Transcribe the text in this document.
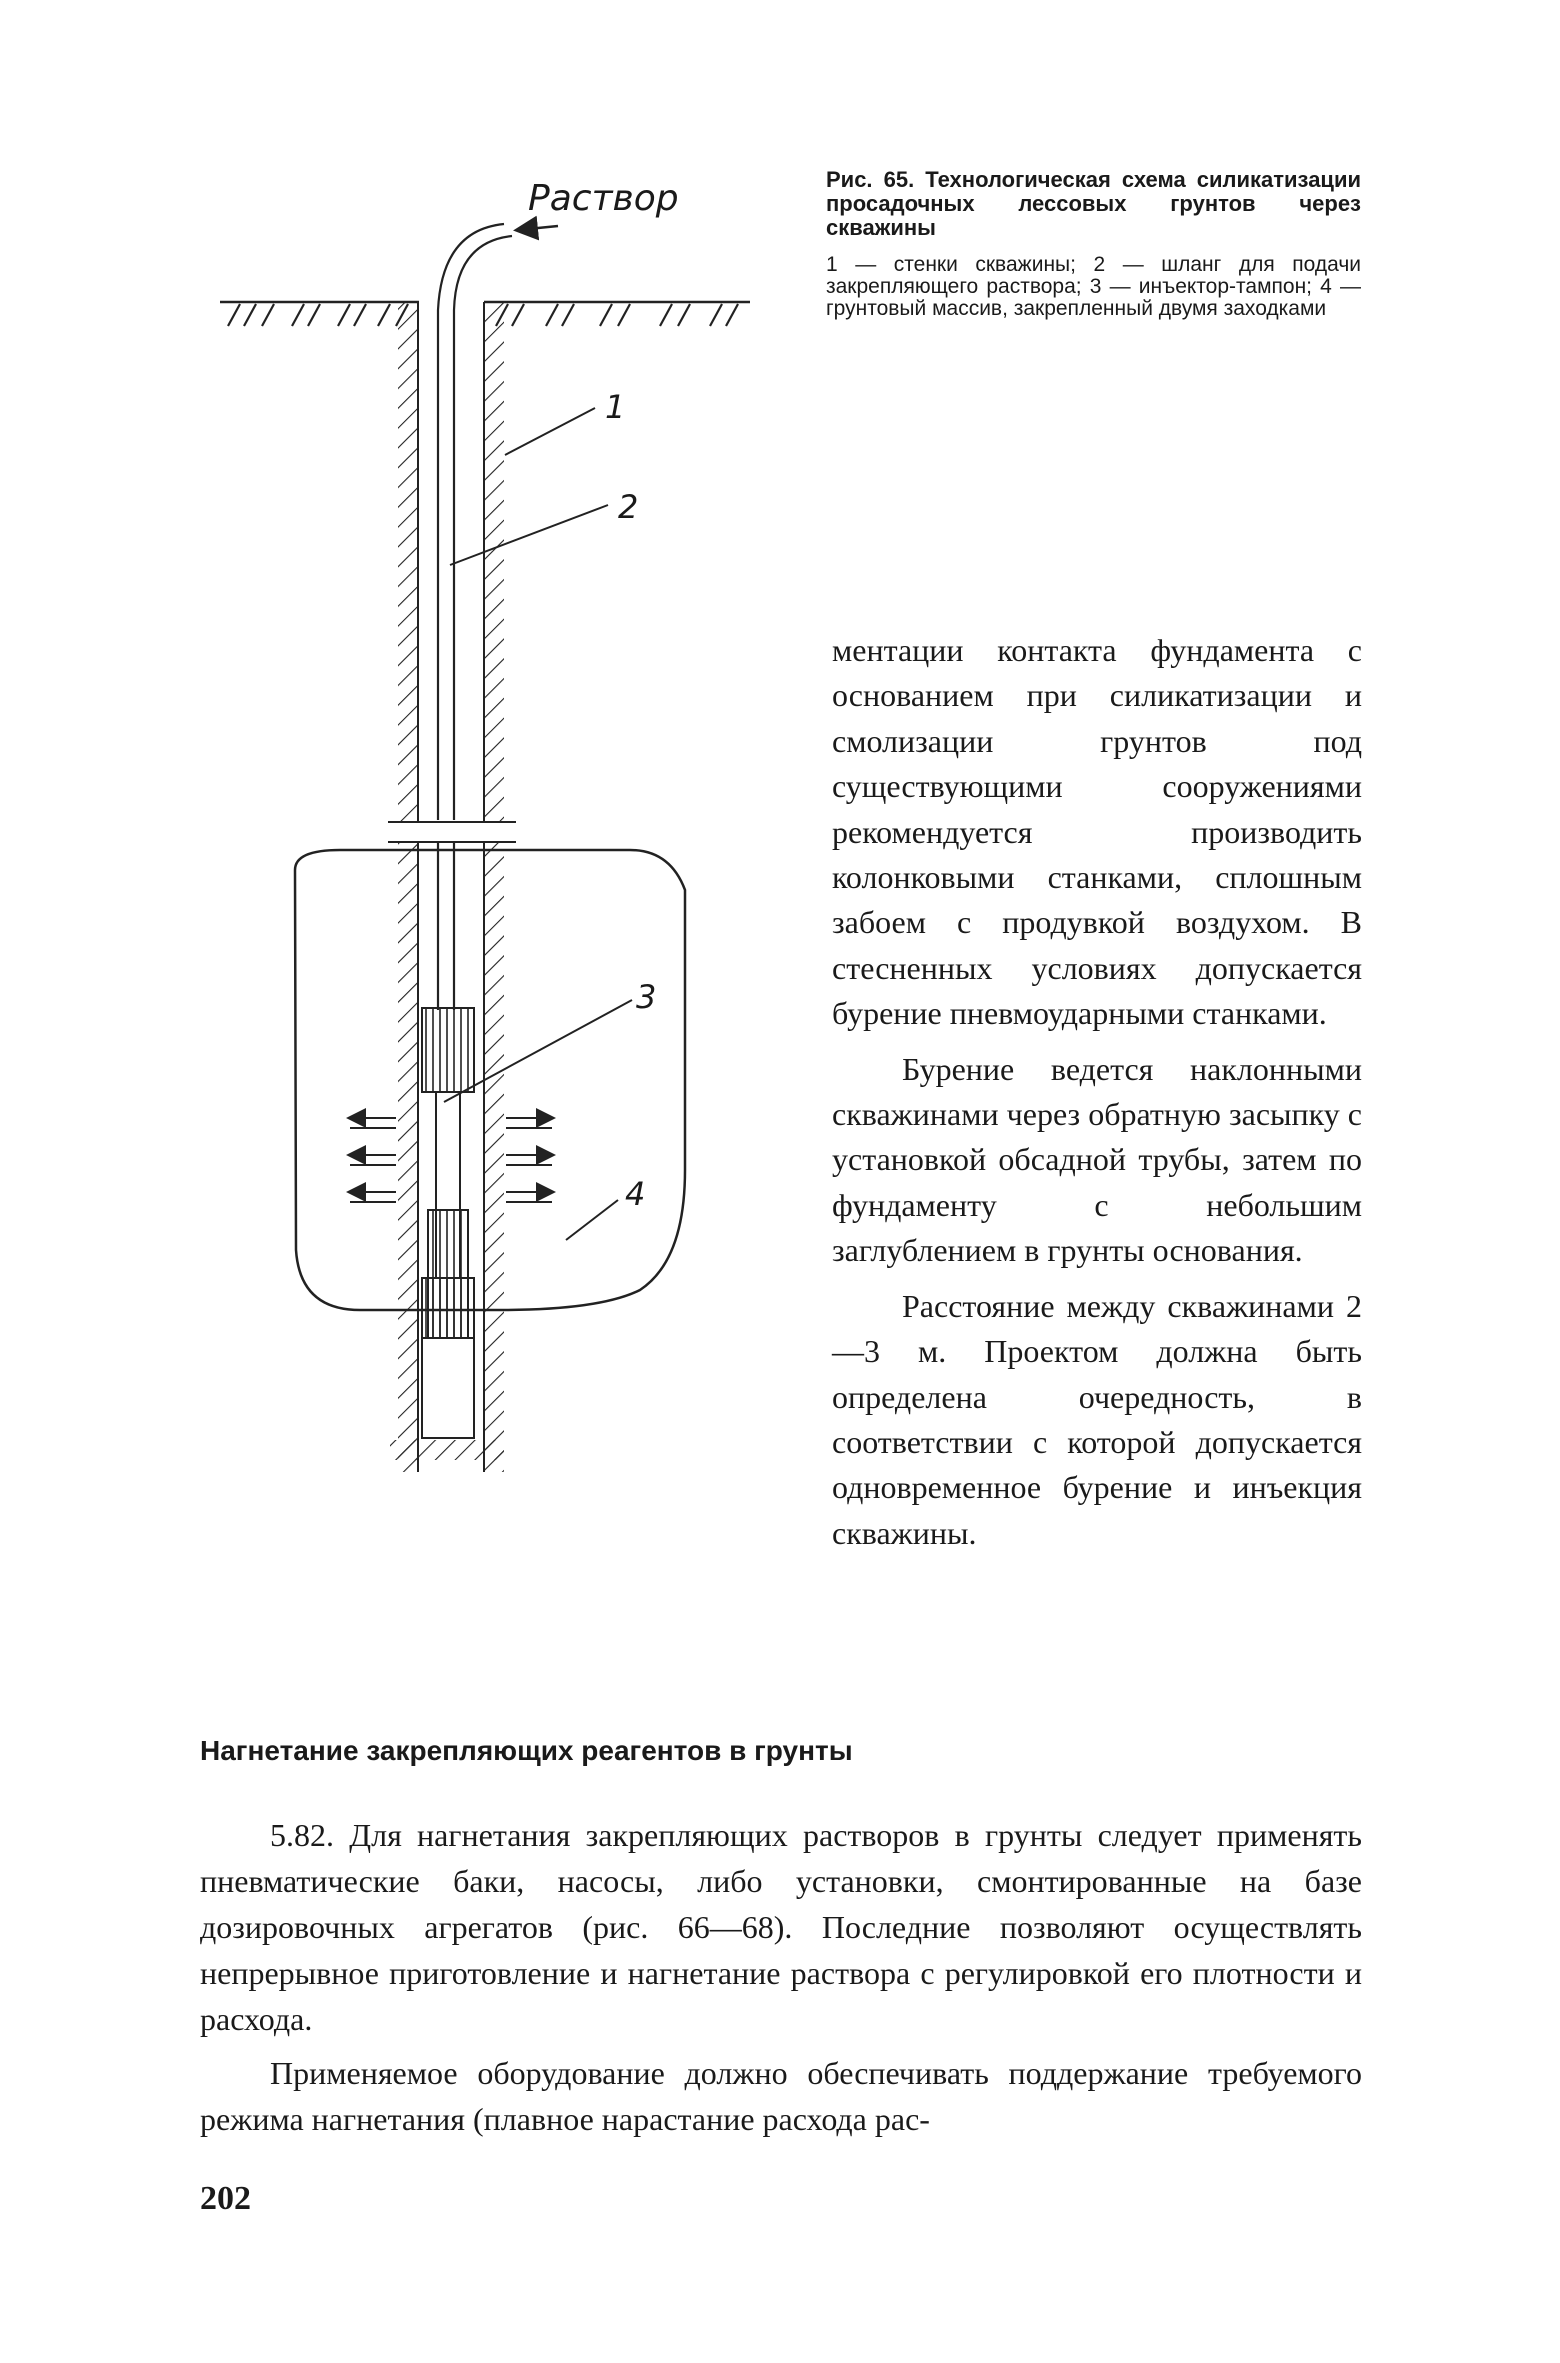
Раствор
1
2
3
4

Рис. 65. Технологическая схема силикатизации просадочных лессовых грунтов через скважины

1 — стенки скважины; 2 — шланг для подачи закрепляющего раствора; 3 — инъектор-тампон; 4 — грунтовый массив, закрепленный двумя заходками

ментации контакта фундамента с основанием при силикатизации и смолизации грунтов под существующими сооружениями рекомендуется производить колонковыми станками, сплошным забоем с продувкой воздухом. В стесненных условиях допускается бурение пневмоударными станками.

Бурение ведется наклонными скважинами через обратную засыпку с установкой обсадной трубы, затем по фундаменту с небольшим заглублением в грунты основания.

Расстояние между скважинами 2—3 м. Проектом должна быть определена очередность, в соответствии с которой допускается одновременное бурение и инъекция скважины.

Нагнетание закрепляющих реагентов в грунты

5.82. Для нагнетания закрепляющих растворов в грунты следует применять пневматические баки, насосы, либо установки, смонтированные на базе дозировочных агрегатов (рис. 66—68). Последние позволяют осуществлять непрерывное приготовление и нагнетание раствора с регулировкой его плотности и расхода.

Применяемое оборудование должно обеспечивать поддержание требуемого режима нагнетания (плавное нарастание расхода рас-

202
